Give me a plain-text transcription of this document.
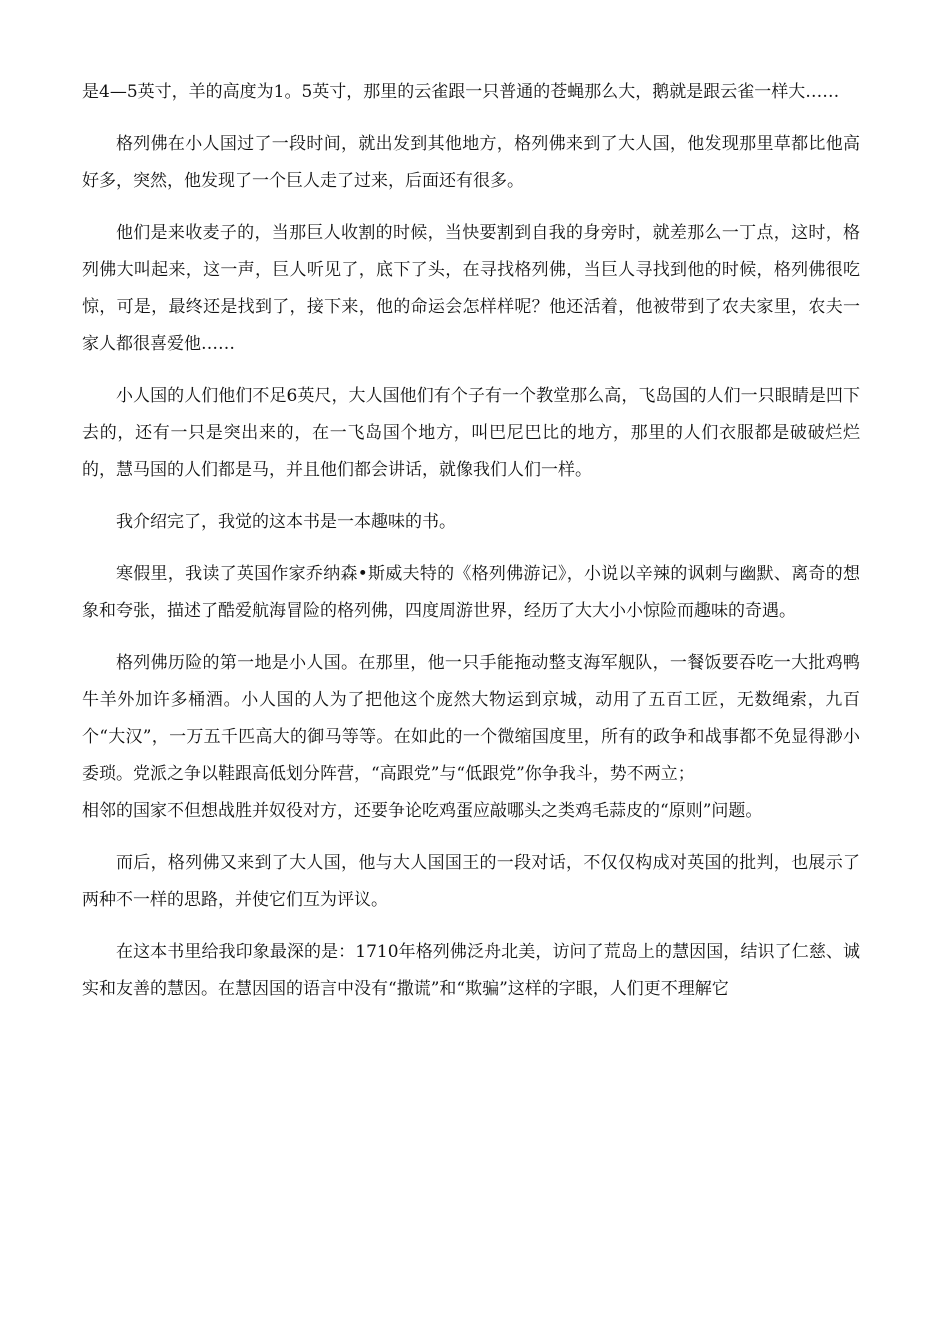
是4—5英寸，羊的高度为1。5英寸，那里的云雀跟一只普通的苍蝇那么大，鹅就是跟云雀一样大……

格列佛在小人国过了一段时间，就出发到其他地方，格列佛来到了大人国，他发现那里草都比他高好多，突然，他发现了一个巨人走了过来，后面还有很多。

他们是来收麦子的，当那巨人收割的时候，当快要割到自我的身旁时，就差那么一丁点，这时，格列佛大叫起来，这一声，巨人听见了，底下了头，在寻找格列佛，当巨人寻找到他的时候，格列佛很吃惊，可是，最终还是找到了，接下来，他的命运会怎样样呢？他还活着，他被带到了农夫家里，农夫一家人都很喜爱他……

小人国的人们他们不足6英尺，大人国他们有个子有一个教堂那么高，飞岛国的人们一只眼睛是凹下去的，还有一只是突出来的，在一飞岛国个地方，叫巴尼巴比的地方，那里的人们衣服都是破破烂烂的，慧马国的人们都是马，并且他们都会讲话，就像我们人们一样。

我介绍完了，我觉的这本书是一本趣味的书。

寒假里，我读了英国作家乔纳森•斯威夫特的《格列佛游记》，小说以辛辣的讽刺与幽默、离奇的想象和夸张，描述了酷爱航海冒险的格列佛，四度周游世界，经历了大大小小惊险而趣味的奇遇。

格列佛历险的第一地是小人国。在那里，他一只手能拖动整支海军舰队，一餐饭要吞吃一大批鸡鸭牛羊外加许多桶酒。小人国的人为了把他这个庞然大物运到京城，动用了五百工匠，无数绳索，九百个“大汉”，一万五千匹高大的御马等等。在如此的一个微缩国度里，所有的政争和战事都不免显得渺小委琐。党派之争以鞋跟高低划分阵营，“高跟党”与“低跟党”你争我斗，势不两立；

相邻的国家不但想战胜并奴役对方，还要争论吃鸡蛋应敲哪头之类鸡毛蒜皮的“原则”问题。

而后，格列佛又来到了大人国，他与大人国国王的一段对话，不仅仅构成对英国的批判，也展示了两种不一样的思路，并使它们互为评议。

在这本书里给我印象最深的是：1710年格列佛泛舟北美，访问了荒岛上的慧因国，结识了仁慈、诚实和友善的慧因。在慧因国的语言中没有“撒谎”和“欺骗”这样的字眼，人们更不理解它
